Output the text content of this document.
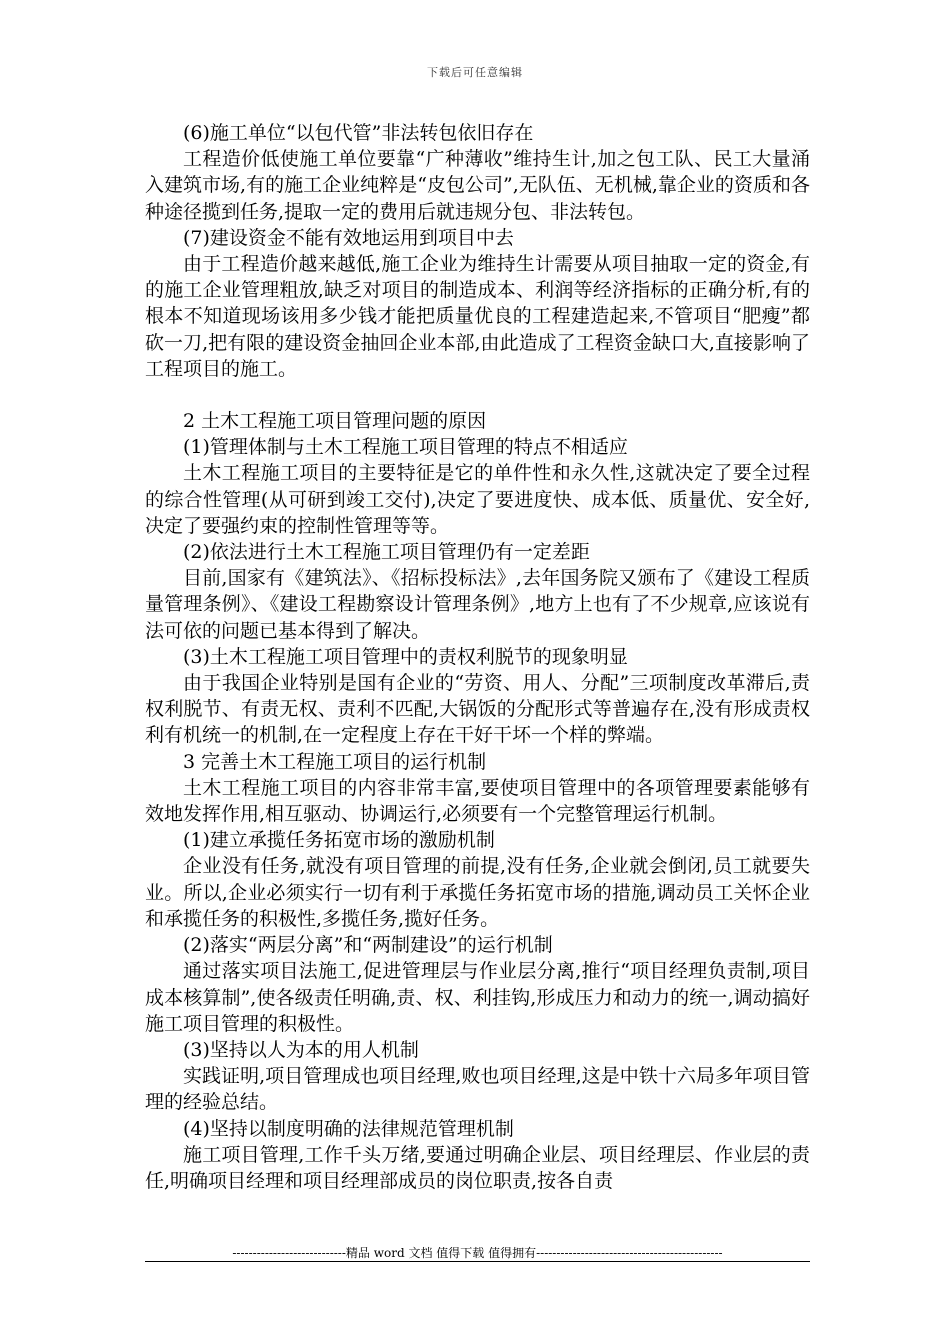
下载后可任意编辑

(6)施工单位“以包代管”非法转包依旧存在

工程造价低使施工单位要靠“广种薄收”维持生计,加之包工队、民工大量涌入建筑市场,有的施工企业纯粹是“皮包公司”,无队伍、无机械,靠企业的资质和各种途径揽到任务,提取一定的费用后就违规分包、非法转包。

(7)建设资金不能有效地运用到项目中去

由于工程造价越来越低,施工企业为维持生计需要从项目抽取一定的资金,有的施工企业管理粗放,缺乏对项目的制造成本、利润等经济指标的正确分析,有的根本不知道现场该用多少钱才能把质量优良的工程建造起来,不管项目“肥瘦”都砍一刀,把有限的建设资金抽回企业本部,由此造成了工程资金缺口大,直接影响了工程项目的施工。

2 土木工程施工项目管理问题的原因

(1)管理体制与土木工程施工项目管理的特点不相适应

土木工程施工项目的主要特征是它的单件性和永久性,这就决定了要全过程的综合性管理(从可研到竣工交付),决定了要进度快、成本低、质量优、安全好,决定了要强约束的控制性管理等等。

(2)依法进行土木工程施工项目管理仍有一定差距

目前,国家有《建筑法》、《招标投标法》,去年国务院又颁布了《建设工程质量管理条例》、《建设工程勘察设计管理条例》,地方上也有了不少规章,应该说有法可依的问题已基本得到了解决。

(3)土木工程施工项目管理中的责权利脱节的现象明显

由于我国企业特别是国有企业的“劳资、用人、分配”三项制度改革滞后,责权利脱节、有责无权、责利不匹配,大锅饭的分配形式等普遍存在,没有形成责权利有机统一的机制,在一定程度上存在干好干坏一个样的弊端。

3 完善土木工程施工项目的运行机制

土木工程施工项目的内容非常丰富,要使项目管理中的各项管理要素能够有效地发挥作用,相互驱动、协调运行,必须要有一个完整管理运行机制。

(1)建立承揽任务拓宽市场的激励机制

企业没有任务,就没有项目管理的前提,没有任务,企业就会倒闭,员工就要失业。所以,企业必须实行一切有利于承揽任务拓宽市场的措施,调动员工关怀企业和承揽任务的积极性,多揽任务,揽好任务。

(2)落实“两层分离”和“两制建设”的运行机制

通过落实项目法施工,促进管理层与作业层分离,推行“项目经理负责制,项目成本核算制”,使各级责任明确,责、权、利挂钩,形成压力和动力的统一,调动搞好施工项目管理的积极性。

(3)坚持以人为本的用人机制

实践证明,项目管理成也项目经理,败也项目经理,这是中铁十六局多年项目管理的经验总结。

(4)坚持以制度明确的法律规范管理机制

施工项目管理,工作千头万绪,要通过明确企业层、项目经理层、作业层的责任,明确项目经理和项目经理部成员的岗位职责,按各自责

----------------------------精品 word 文档 值得下载 值得拥有----------------------------------------------
